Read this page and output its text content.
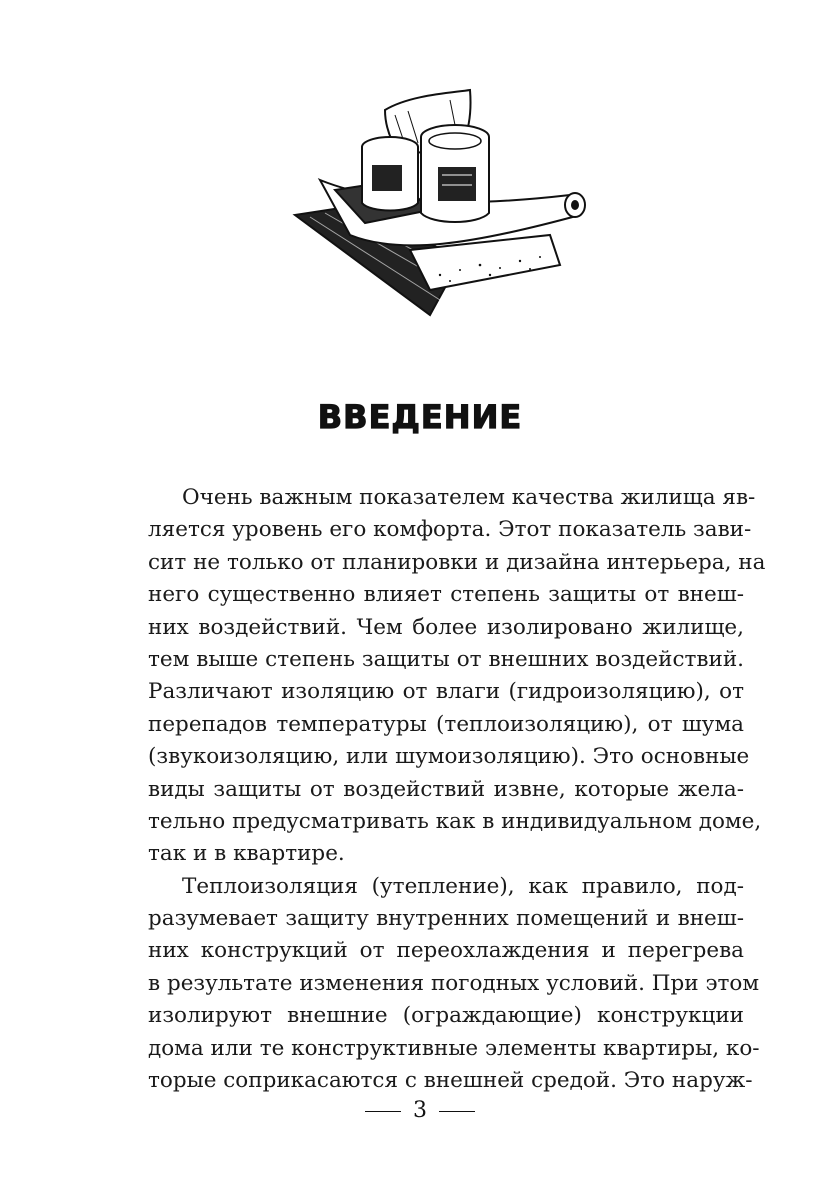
ВВЕДЕНИЕ
Очень важным показателем качества жилища яв-
ляется уровень его комфорта. Этот показатель зави-
сит не только от планировки и дизайна интерьера, на
него существенно влияет степень защиты от внеш-
них воздействий. Чем более изолировано жилище,
тем выше степень защиты от внешних воздействий.
Различают изоляцию от влаги (гидроизоляцию), от
перепадов температуры (теплоизоляцию), от шума
(звукоизоляцию, или шумоизоляцию). Это основные
виды защиты от воздействий извне, которые жела-
тельно предусматривать как в индивидуальном доме,
так и в квартире.
Теплоизоляция (утепление), как правило, под-
разумевает защиту внутренних помещений и внеш-
них конструкций от переохлаждения и перегрева
в результате изменения погодных условий. При этом
изолируют внешние (ограждающие) конструкции
дома или те конструктивные элементы квартиры, ко-
торые соприкасаются с внешней средой. Это наруж-
3
